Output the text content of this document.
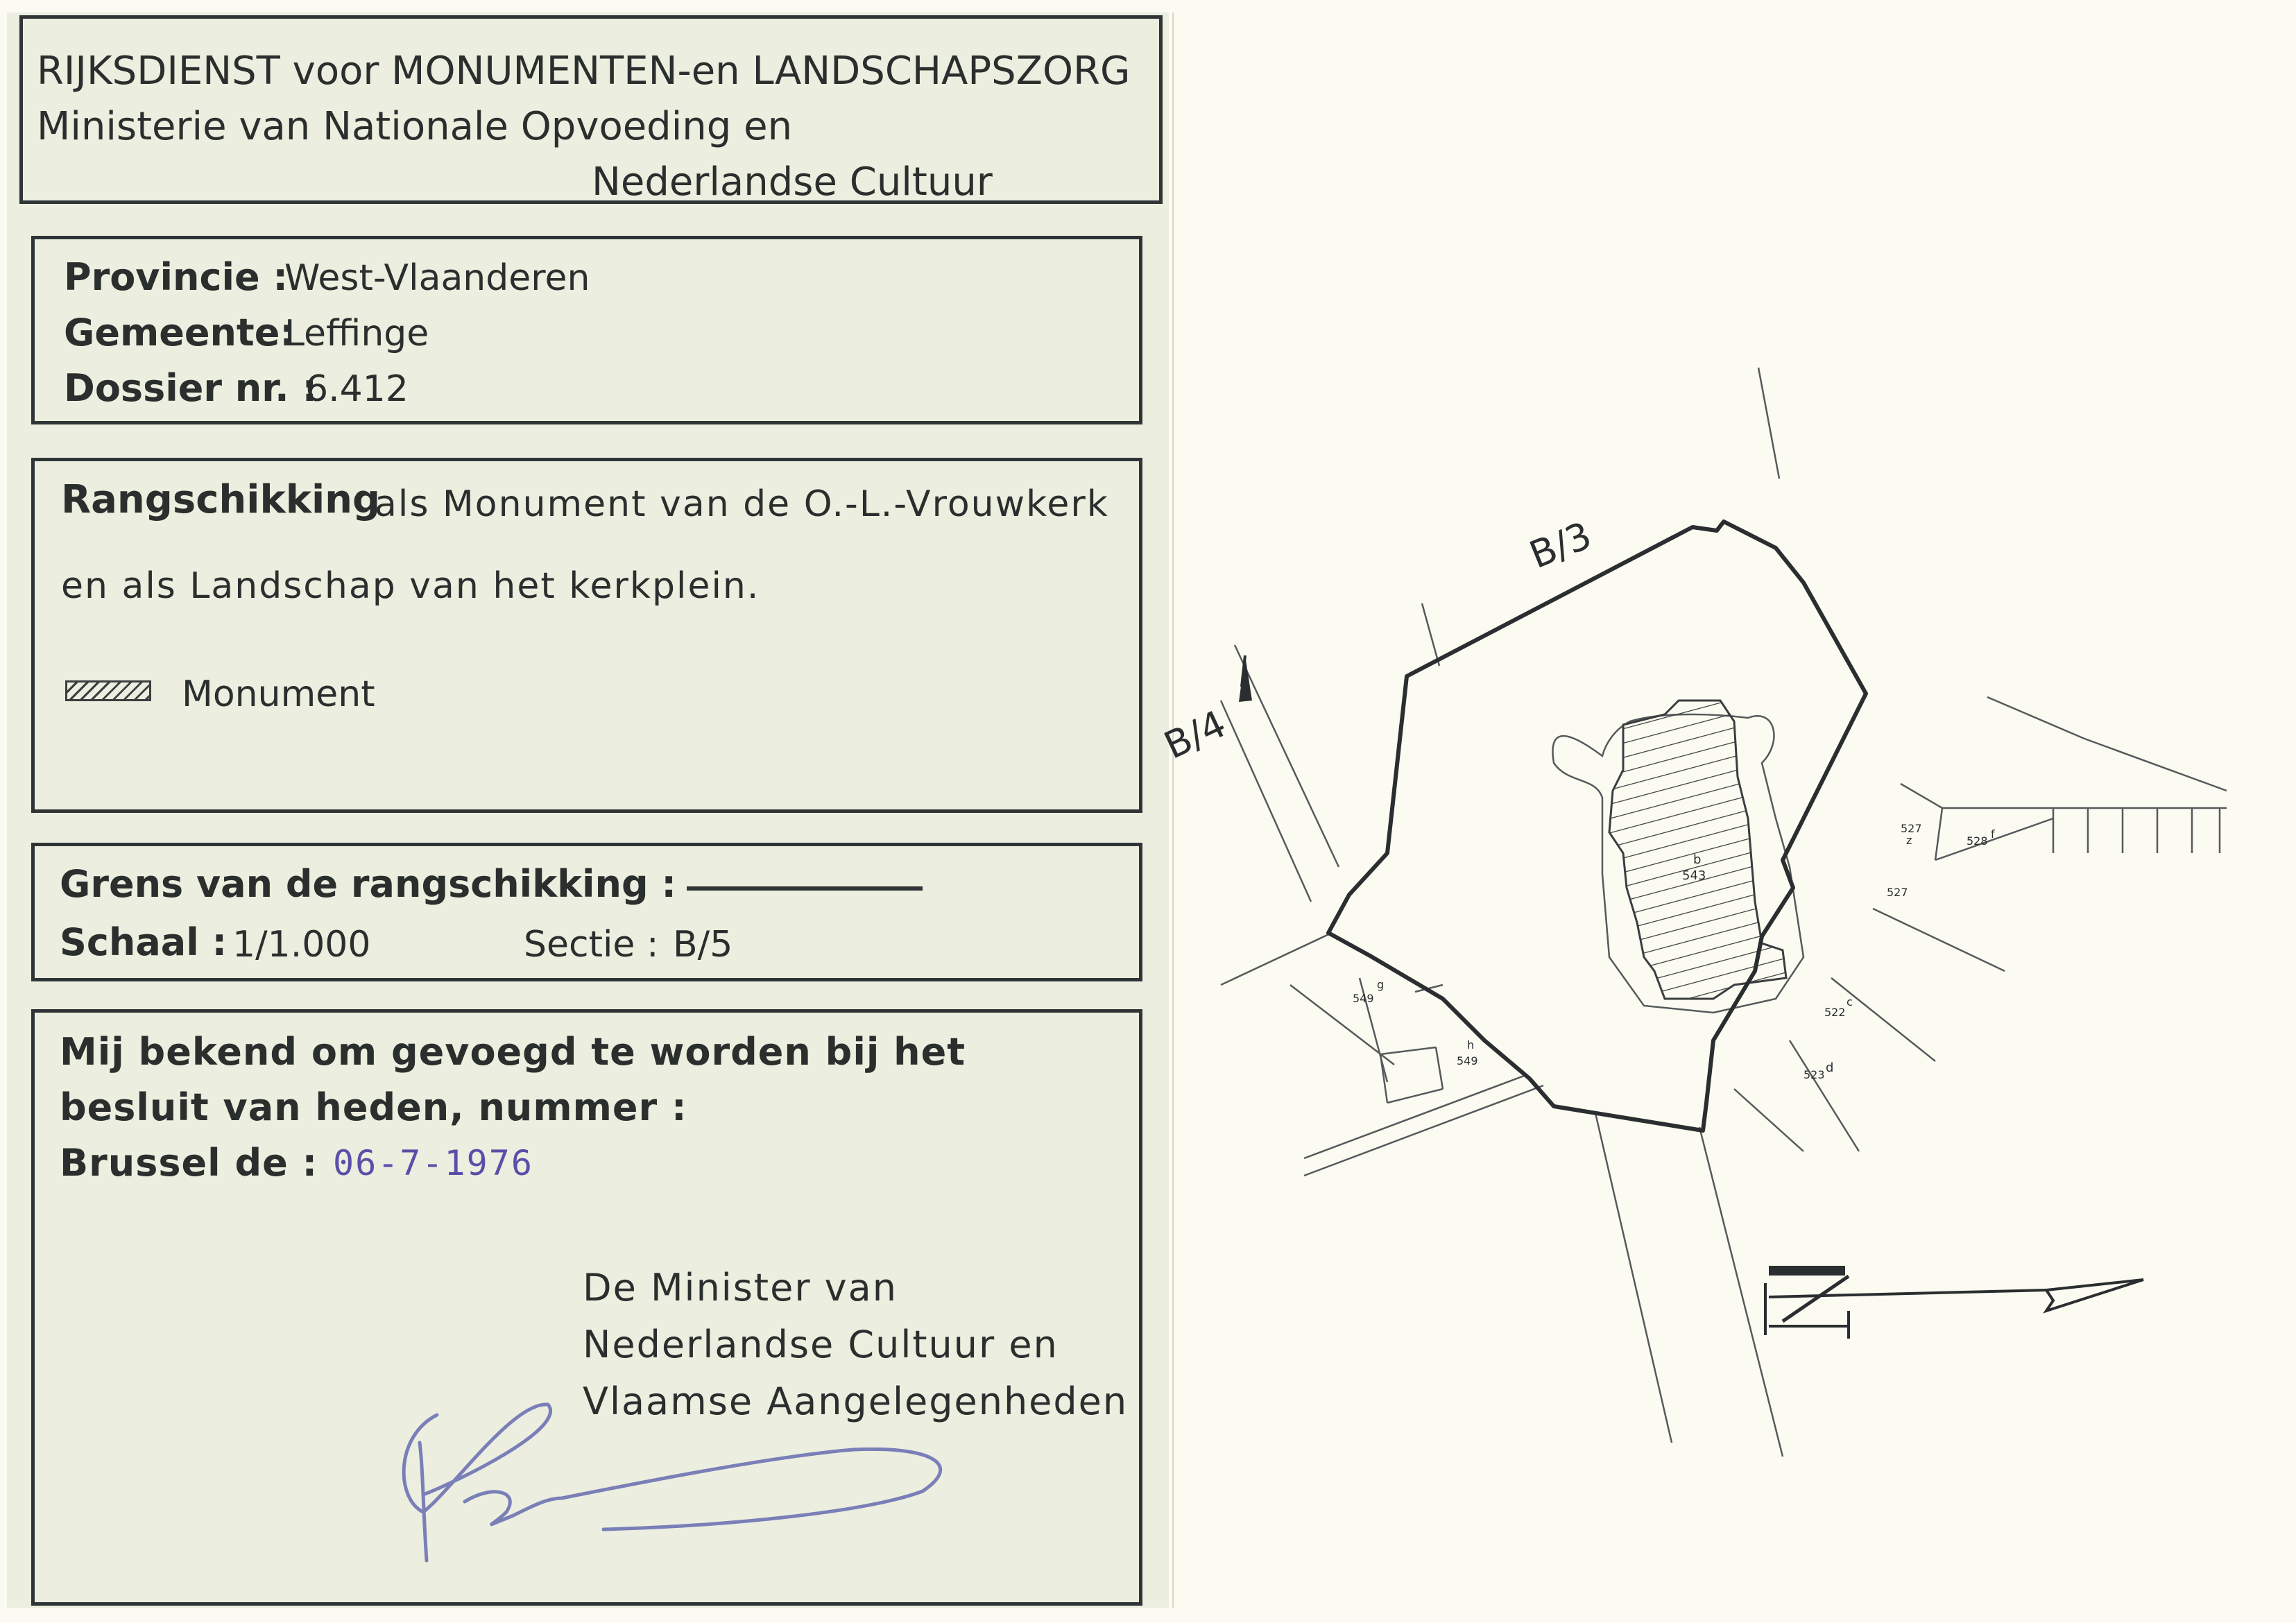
RIJKSDIENST voor MONUMENTEN-en LANDSCHAPSZORG
Ministerie van Nationale Opvoeding en
Nederlandse Cultuur
Provincie :
West-Vlaanderen
Gemeente:
Leffinge
Dossier nr. :
6.412
Rangschikking
als Monument van de O.-L.-Vrouwkerk
en als Landschap van het kerkplein.
Monument
Grens van de rangschikking :
Schaal : 1/1.000	Sectie : B/5
Mij bekend om gevoegd te worden bij het
besluit van heden, nummer :
Brussel de : 06-7-1976
De Minister van
Nederlandse Cultuur en
Vlaamse Aangelegenheden
B/3
B/4
b
543
527
z	528
f
527
522
c
523 d
g
549
h
549
